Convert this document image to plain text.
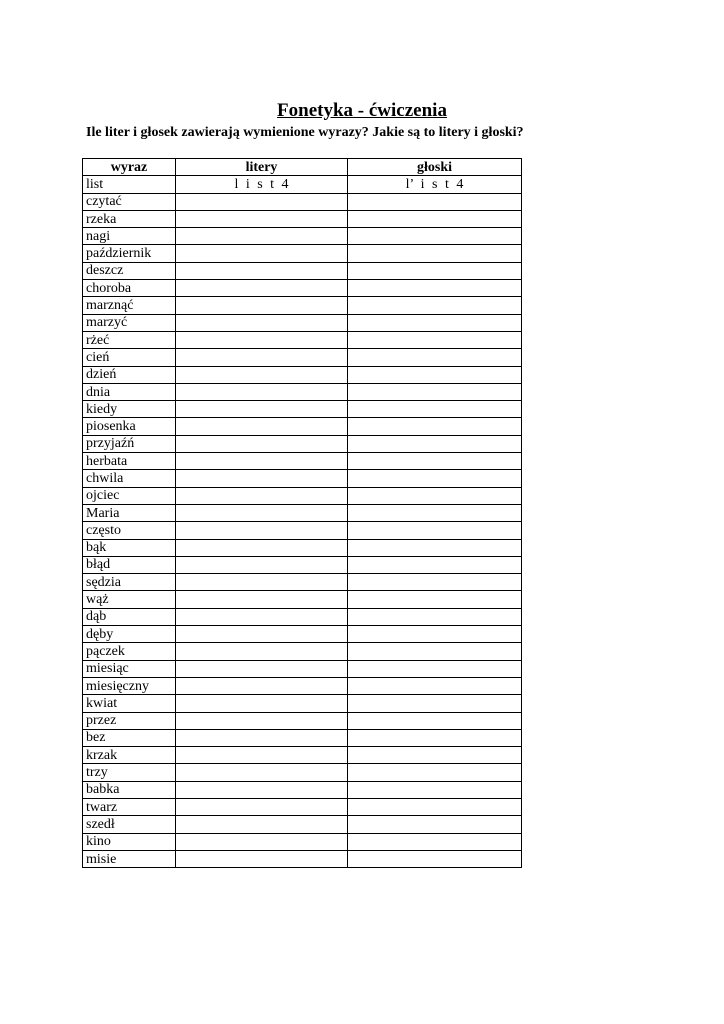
Fonetyka - ćwiczenia

Ile liter i głosek zawierają wymienione wyrazy? Jakie są to litery i głoski?

wyraz	litery	głoski
list	l i s t 4	l’ i s t 4
czytać		
rzeka		
nagi		
październik		
deszcz		
choroba		
marznąć		
marzyć		
rżeć		
cień		
dzień		
dnia		
kiedy		
piosenka		
przyjaźń		
herbata		
chwila		
ojciec		
Maria		
często		
bąk		
błąd		
sędzia		
wąż		
dąb		
dęby		
pączek		
miesiąc		
miesięczny		
kwiat		
przez		
bez		
krzak		
trzy		
babka		
twarz		
szedł		
kino		
misie		
